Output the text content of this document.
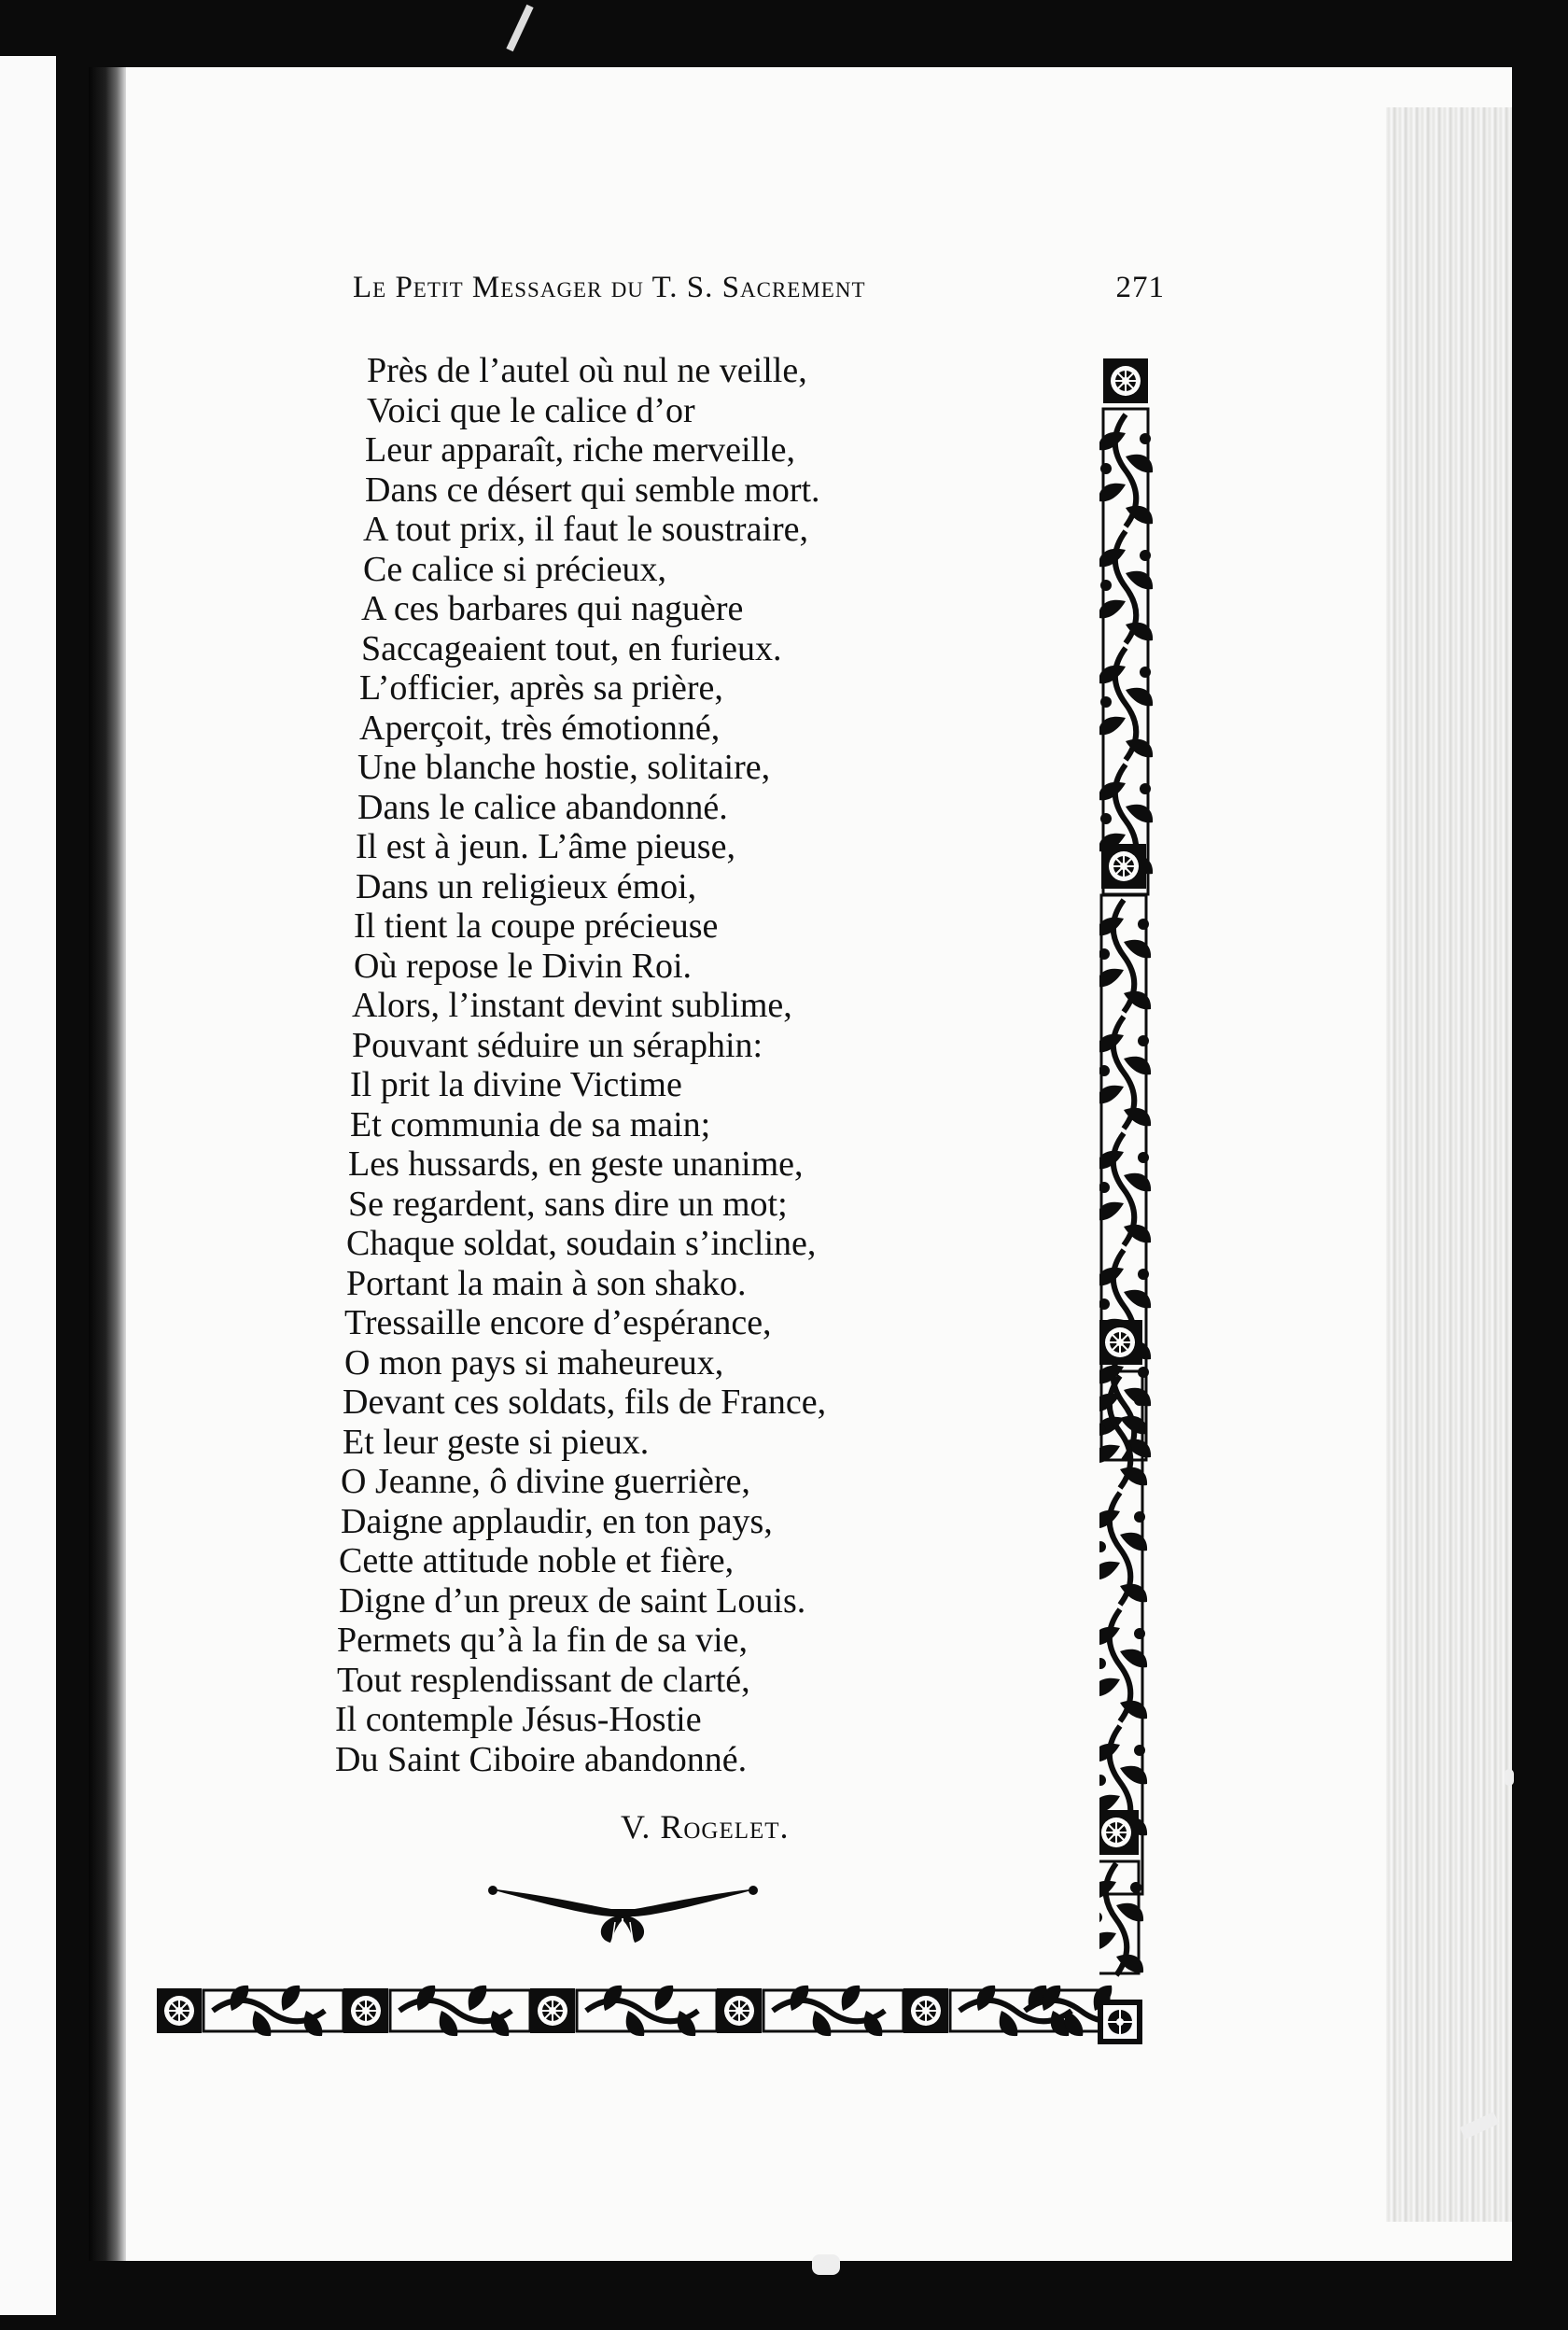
Le Petit Messager du T. S. Sacrement	271
Près de l’autel où nul ne veille,
Voici que le calice d’or
Leur apparaît, riche merveille,
Dans ce désert qui semble mort.
A tout prix, il faut le soustraire,
Ce calice si précieux,
A ces barbares qui naguère
Saccageaient tout, en furieux.
L’officier, après sa prière,
Aperçoit, très émotionné,
Une blanche hostie, solitaire,
Dans le calice abandonné.
Il est à jeun. L’âme pieuse,
Dans un religieux émoi,
Il tient la coupe précieuse
Où repose le Divin Roi.
Alors, l’instant devint sublime,
Pouvant séduire un séraphin:
Il prit la divine Victime
Et communia de sa main;
Les hussards, en geste unanime,
Se regardent, sans dire un mot;
Chaque soldat, soudain s’incline,
Portant la main à son shako.
Tressaille encore d’espérance,
O mon pays si maheureux,
Devant ces soldats, fils de France,
Et leur geste si pieux.
O Jeanne, ô divine guerrière,
Daigne applaudir, en ton pays,
Cette attitude noble et fière,
Digne d’un preux de saint Louis.
Permets qu’à la fin de sa vie,
Tout resplendissant de clarté,
Il contemple Jésus-Hostie
Du Saint Ciboire abandonné.
V. Rogelet.
